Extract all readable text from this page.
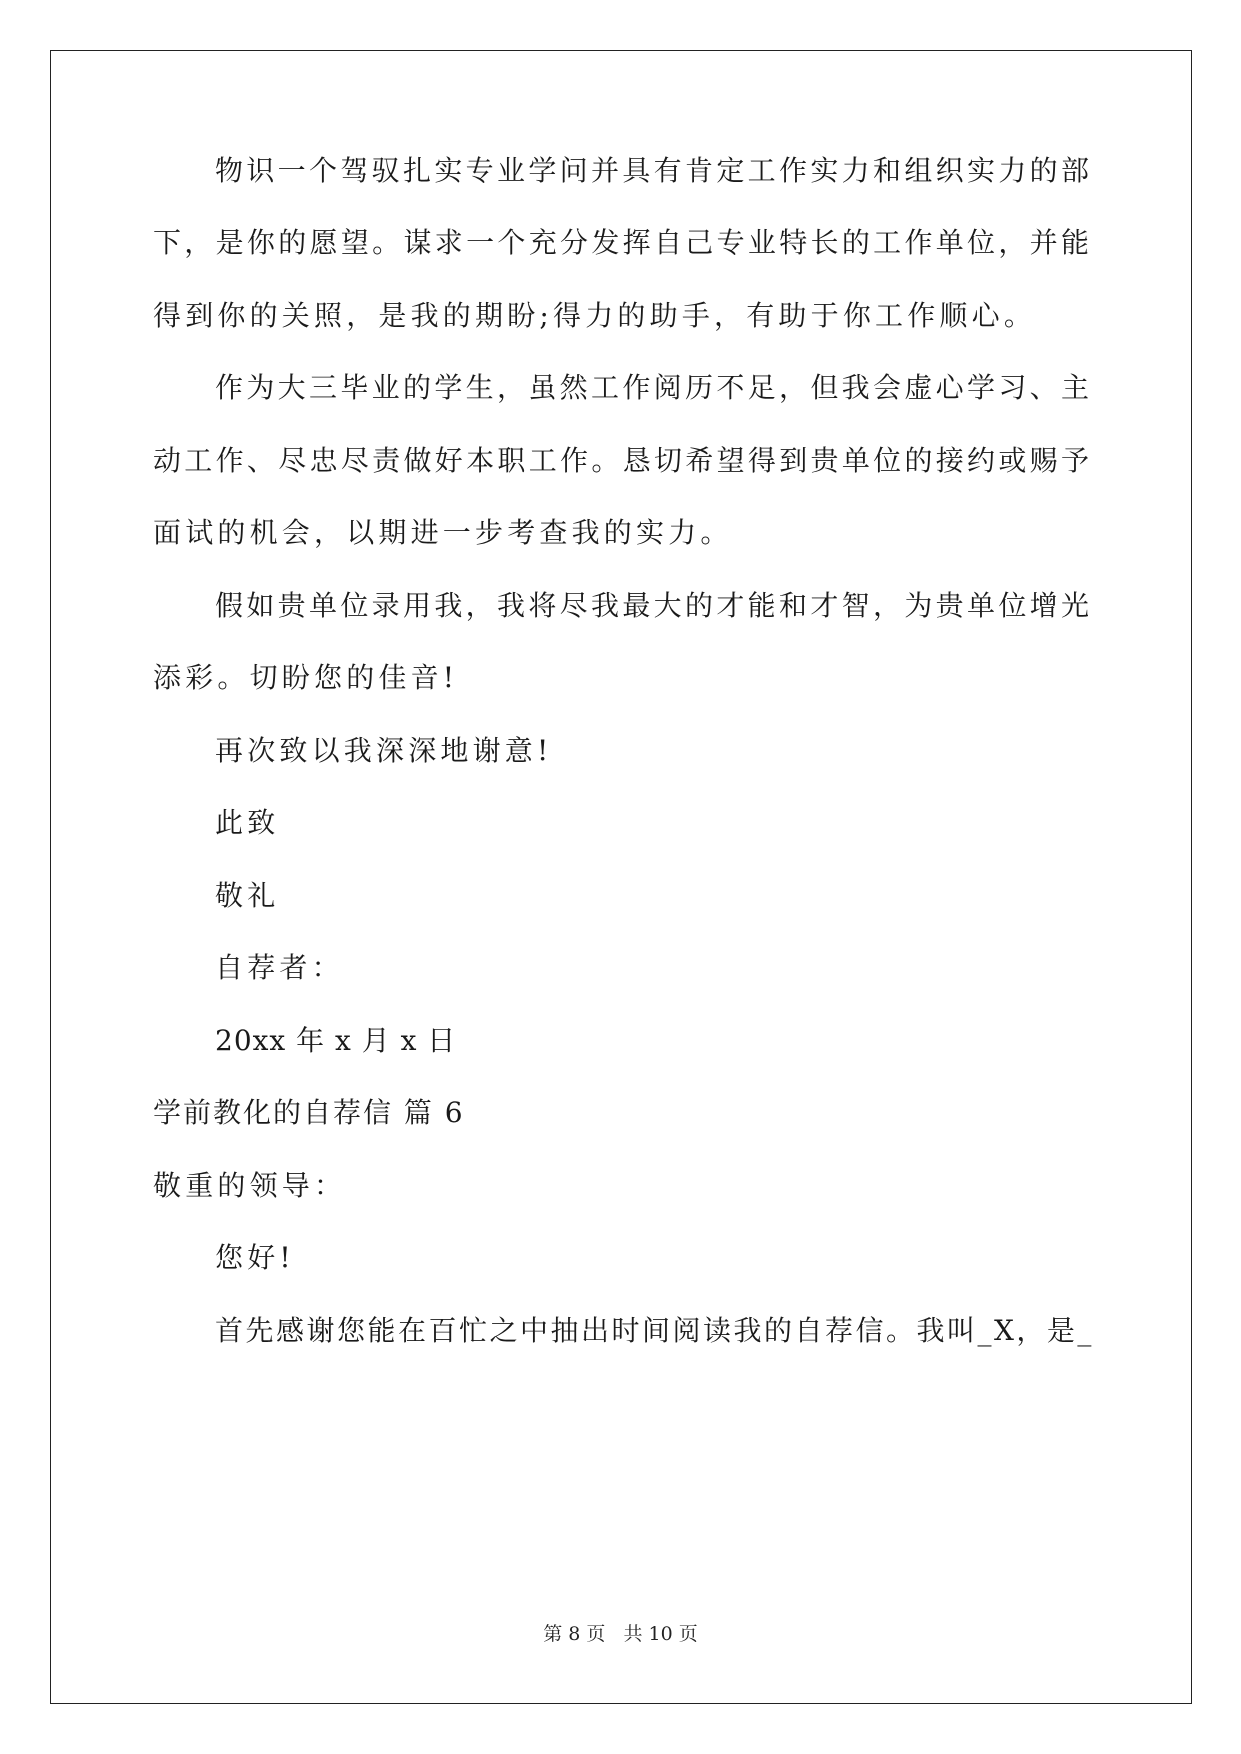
物识一个驾驭扎实专业学问并具有肯定工作实力和组织实力的部
下，是你的愿望。谋求一个充分发挥自己专业特长的工作单位，并能
得到你的关照，是我的期盼;得力的助手，有助于你工作顺心。
作为大三毕业的学生，虽然工作阅历不足，但我会虚心学习、主
动工作、尽忠尽责做好本职工作。恳切希望得到贵单位的接约或赐予
面试的机会，以期进一步考查我的实力。
假如贵单位录用我，我将尽我最大的才能和才智，为贵单位增光
添彩。切盼您的佳音!
再次致以我深深地谢意!
此致
敬礼
自荐者：
20xx 年 x 月 x 日
学前教化的自荐信 篇 6
敬重的领导：
您好!
首先感谢您能在百忙之中抽出时间阅读我的自荐信。我叫_X，是_
第 8 页 共 10 页
